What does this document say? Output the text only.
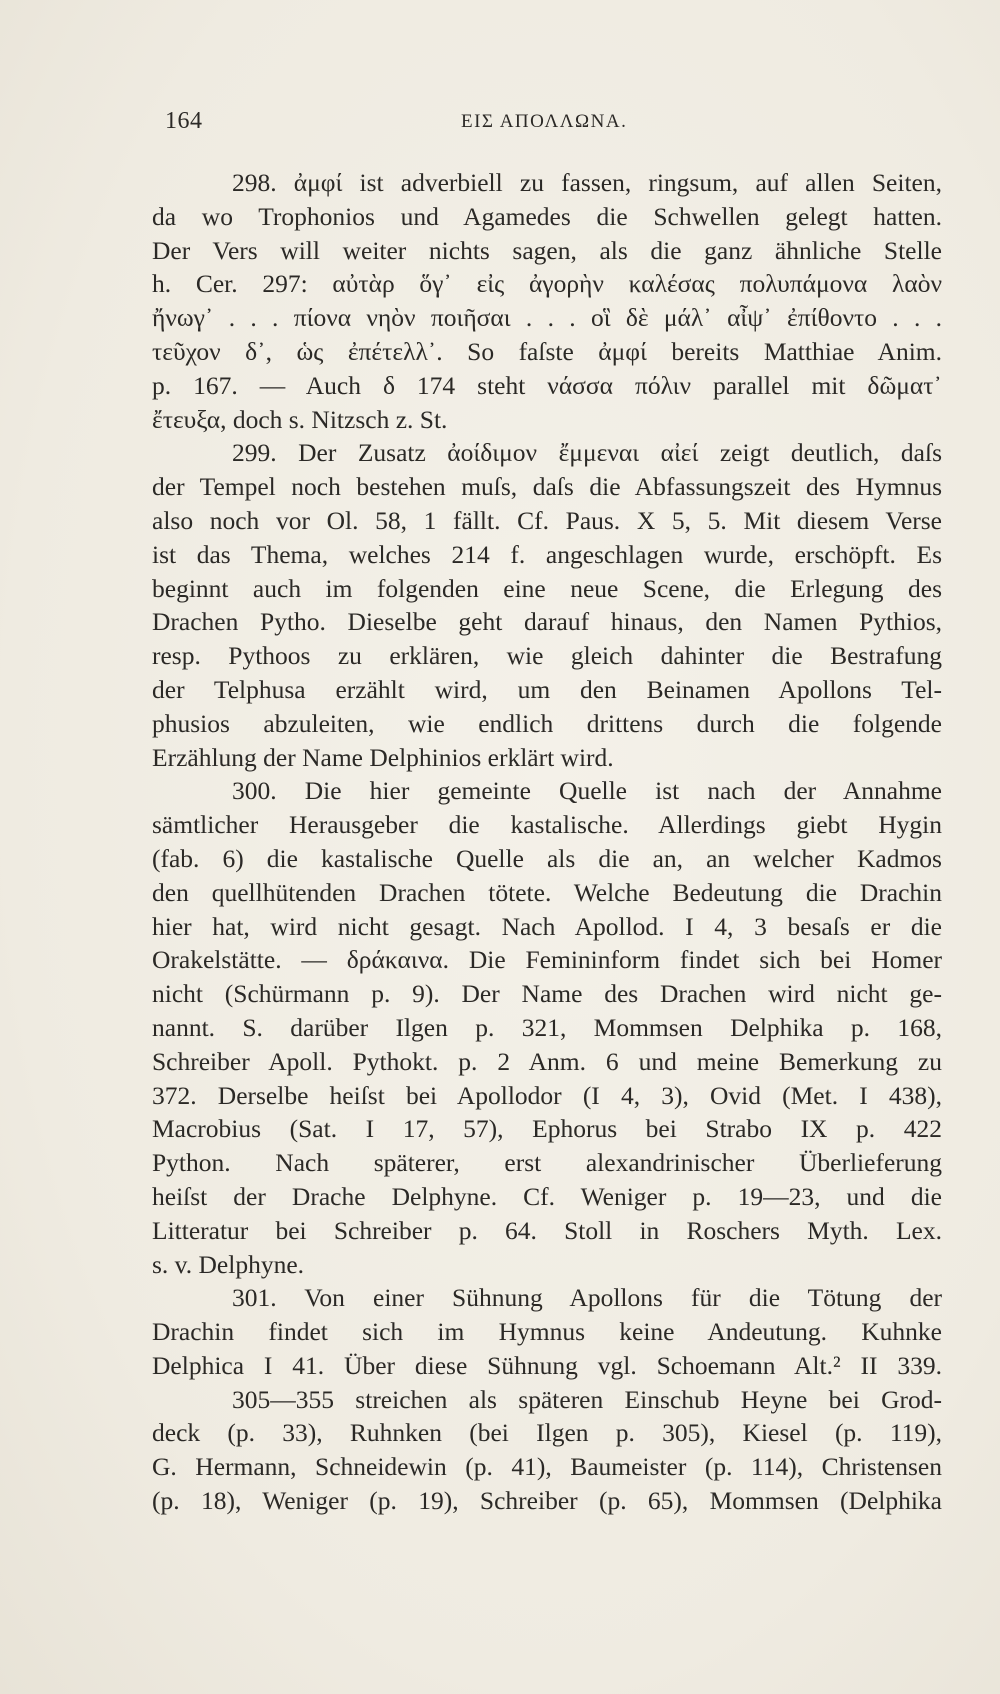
164	ΕΙΣ ΑΠΟΛΛΩΝΑ.
298. ἀμφί ist adverbiell zu fassen, ringsum, auf allen Seiten,
da wo Trophonios und Agamedes die Schwellen gelegt hatten.
Der Vers will weiter nichts sagen, als die ganz ähnliche Stelle
h. Cer. 297: αὐτὰρ ὅγ᾽ εἰς ἀγορὴν καλέσας πολυπάμονα λαὸν
ἤνωγ᾽ . . . πίονα νηὸν ποιῆσαι . . . οἳ δὲ μάλ᾽ αἶψ᾽ ἐπίθοντο . . .
τεῦχον δ᾽, ὡς ἐπέτελλ᾽. So faſste ἀμφί bereits Matthiae Anim.
p. 167. — Auch δ 174 steht νάσσα πόλιν parallel mit δῶματ᾽
ἔτευξα, doch s. Nitzsch z. St.
299. Der Zusatz ἀοίδιμον ἔμμεναι αἰεί zeigt deutlich, daſs
der Tempel noch bestehen muſs, daſs die Abfassungszeit des Hymnus
also noch vor Ol. 58, 1 fällt. Cf. Paus. X 5, 5. Mit diesem Verse
ist das Thema, welches 214 f. angeschlagen wurde, erschöpft. Es
beginnt auch im folgenden eine neue Scene, die Erlegung des
Drachen Pytho. Dieselbe geht darauf hinaus, den Namen Pythios,
resp. Pythoos zu erklären, wie gleich dahinter die Bestrafung
der Telphusa erzählt wird, um den Beinamen Apollons Tel-
phusios abzuleiten, wie endlich drittens durch die folgende
Erzählung der Name Delphinios erklärt wird.
300. Die hier gemeinte Quelle ist nach der Annahme
sämtlicher Herausgeber die kastalische. Allerdings giebt Hygin
(fab. 6) die kastalische Quelle als die an, an welcher Kadmos
den quellhütenden Drachen tötete. Welche Bedeutung die Drachin
hier hat, wird nicht gesagt. Nach Apollod. I 4, 3 besaſs er die
Orakelstätte. — δράκαινα. Die Femininform findet sich bei Homer
nicht (Schürmann p. 9). Der Name des Drachen wird nicht ge-
nannt. S. darüber Ilgen p. 321, Mommsen Delphika p. 168,
Schreiber Apoll. Pythokt. p. 2 Anm. 6 und meine Bemerkung zu
372. Derselbe heiſst bei Apollodor (I 4, 3), Ovid (Met. I 438),
Macrobius (Sat. I 17, 57), Ephorus bei Strabo IX p. 422
Python. Nach späterer, erst alexandrinischer Überlieferung
heiſst der Drache Delphyne. Cf. Weniger p. 19—23, und die
Litteratur bei Schreiber p. 64. Stoll in Roschers Myth. Lex.
s. v. Delphyne.
301. Von einer Sühnung Apollons für die Tötung der
Drachin findet sich im Hymnus keine Andeutung. Kuhnke
Delphica I 41. Über diese Sühnung vgl. Schoemann Alt.² II 339.
305—355 streichen als späteren Einschub Heyne bei Grod-
deck (p. 33), Ruhnken (bei Ilgen p. 305), Kiesel (p. 119),
G. Hermann, Schneidewin (p. 41), Baumeister (p. 114), Christensen
(p. 18), Weniger (p. 19), Schreiber (p. 65), Mommsen (Delphika
